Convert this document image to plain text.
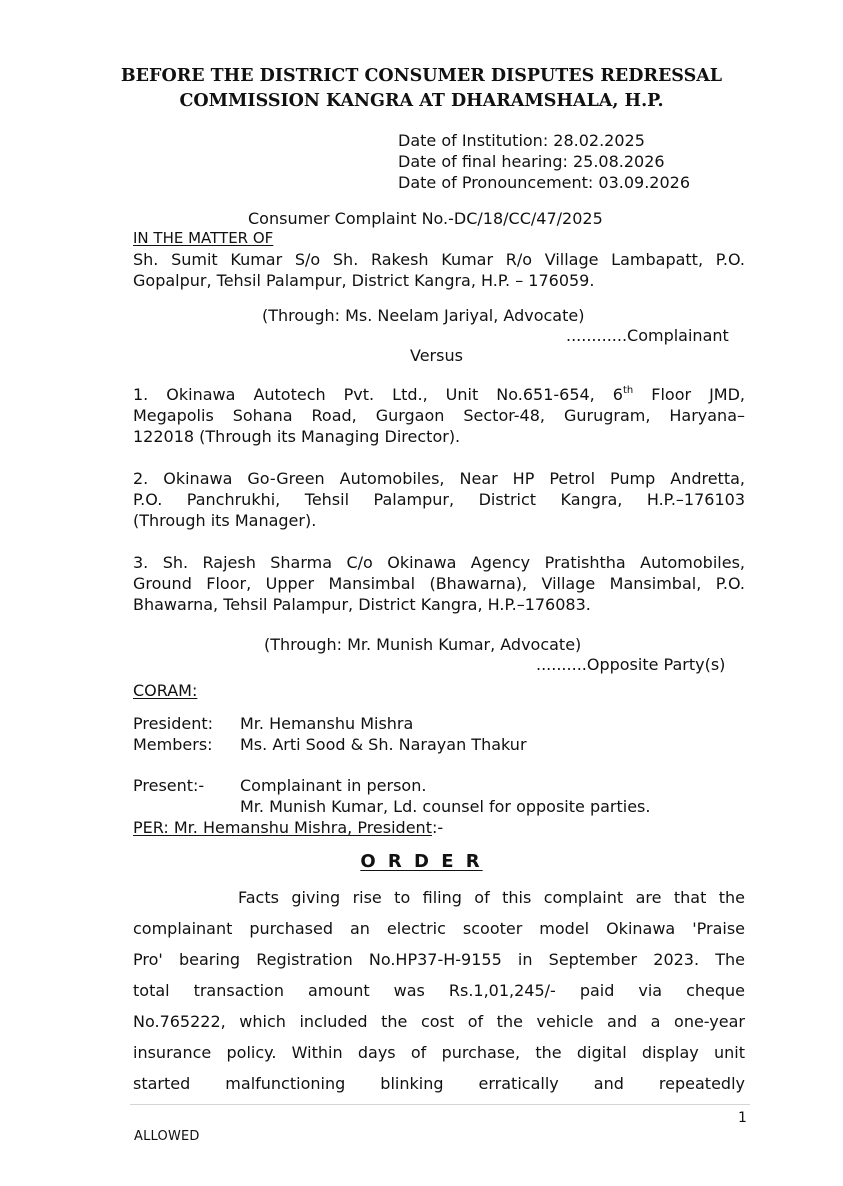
BEFORE THE DISTRICT CONSUMER DISPUTES REDRESSAL
COMMISSION KANGRA AT DHARAMSHALA, H.P.
Date of Institution: 28.02.2025
Date of final hearing: 25.08.2026
Date of Pronouncement: 03.09.2026
Consumer Complaint No.-DC/18/CC/47/2025
IN THE MATTER OF
Sh. Sumit Kumar S/o Sh. Rakesh Kumar R/o Village Lambapatt, P.O.
Gopalpur, Tehsil Palampur, District Kangra, H.P. – 176059.
(Through: Ms. Neelam Jariyal, Advocate)
............Complainant
Versus
1. Okinawa Autotech Pvt. Ltd., Unit No.651-654, 6th Floor JMD,
Megapolis Sohana Road, Gurgaon Sector-48, Gurugram, Haryana–
122018 (Through its Managing Director).
2. Okinawa Go-Green Automobiles, Near HP Petrol Pump Andretta,
P.O. Panchrukhi, Tehsil Palampur, District Kangra, H.P.–176103
(Through its Manager).
3. Sh. Rajesh Sharma C/o Okinawa Agency Pratishtha Automobiles,
Ground Floor, Upper Mansimbal (Bhawarna), Village Mansimbal, P.O.
Bhawarna, Tehsil Palampur, District Kangra, H.P.–176083.
(Through: Mr. Munish Kumar, Advocate)
..........Opposite Party(s)
CORAM:
President: Mr. Hemanshu Mishra
Members: Ms. Arti Sood & Sh. Narayan Thakur
Present:- Complainant in person.
Mr. Munish Kumar, Ld. counsel for opposite parties.
PER: Mr. Hemanshu Mishra, President:-
O R D E R
Facts giving rise to filing of this complaint are that the
complainant purchased an electric scooter model Okinawa 'Praise
Pro' bearing Registration No.HP37-H-9155 in September 2023. The
total transaction amount was Rs.1,01,245/- paid via cheque
No.765222, which included the cost of the vehicle and a one-year
insurance policy. Within days of purchase, the digital display unit
started malfunctioning blinking erratically and repeatedly
1
ALLOWED
